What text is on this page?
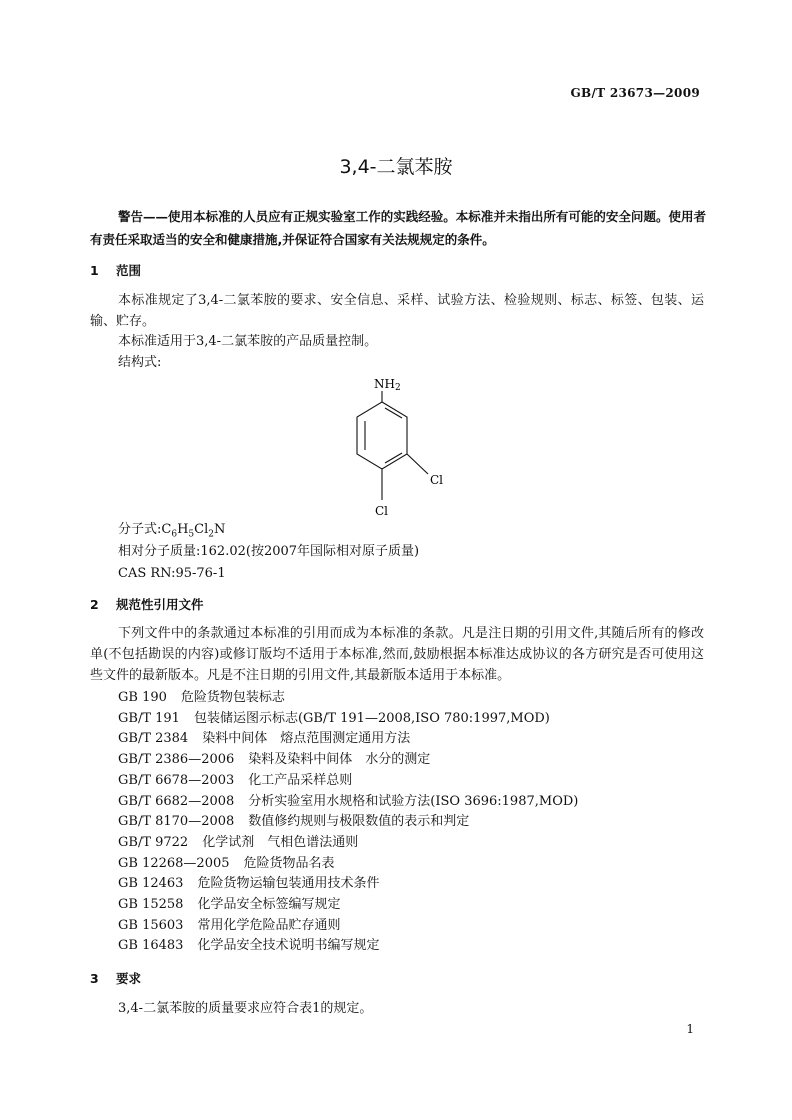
GB/T 23673—2009
3,4-二氯苯胺
警告——使用本标准的人员应有正规实验室工作的实践经验。本标准并未指出所有可能的安全问题。使用者有责任采取适当的安全和健康措施,并保证符合国家有关法规规定的条件。
1 范围
本标准规定了3,4-二氯苯胺的要求、安全信息、采样、试验方法、检验规则、标志、标签、包装、运输、贮存。
本标准适用于3,4-二氯苯胺的产品质量控制。
结构式:
NH2
Cl
Cl
分子式$:C_6H_5Cl_2N$
相对分子质量:162.02(按2007年国际相对原子质量)
CAS RN:95-76-1
2 规范性引用文件
下列文件中的条款通过本标准的引用而成为本标准的条款。凡是注日期的引用文件,其随后所有的修改单(不包括勘误的内容)或修订版均不适用于本标准,然而,鼓励根据本标准达成协议的各方研究是否可使用这些文件的最新版本。凡是不注日期的引用文件,其最新版本适用于本标准。
GB 190 危险货物包装标志
GB/T 191 包装储运图示标志(GB/T 191—2008,ISO 780:1997,MOD)
GB/T 2384 染料中间体　熔点范围测定通用方法
GB/T 2386—2006 染料及染料中间体　水分的测定
GB/T 6678—2003 化工产品采样总则
GB/T 6682—2008 分析实验室用水规格和试验方法(ISO 3696:1987,MOD)
GB/T 8170—2008 数值修约规则与极限数值的表示和判定
GB/T 9722 化学试剂　气相色谱法通则
GB 12268—2005 危险货物品名表
GB 12463 危险货物运输包装通用技术条件
GB 15258 化学品安全标签编写规定
GB 15603 常用化学危险品贮存通则
GB 16483 化学品安全技术说明书编写规定
3 要求
3,4-二氯苯胺的质量要求应符合表1的规定。
1
